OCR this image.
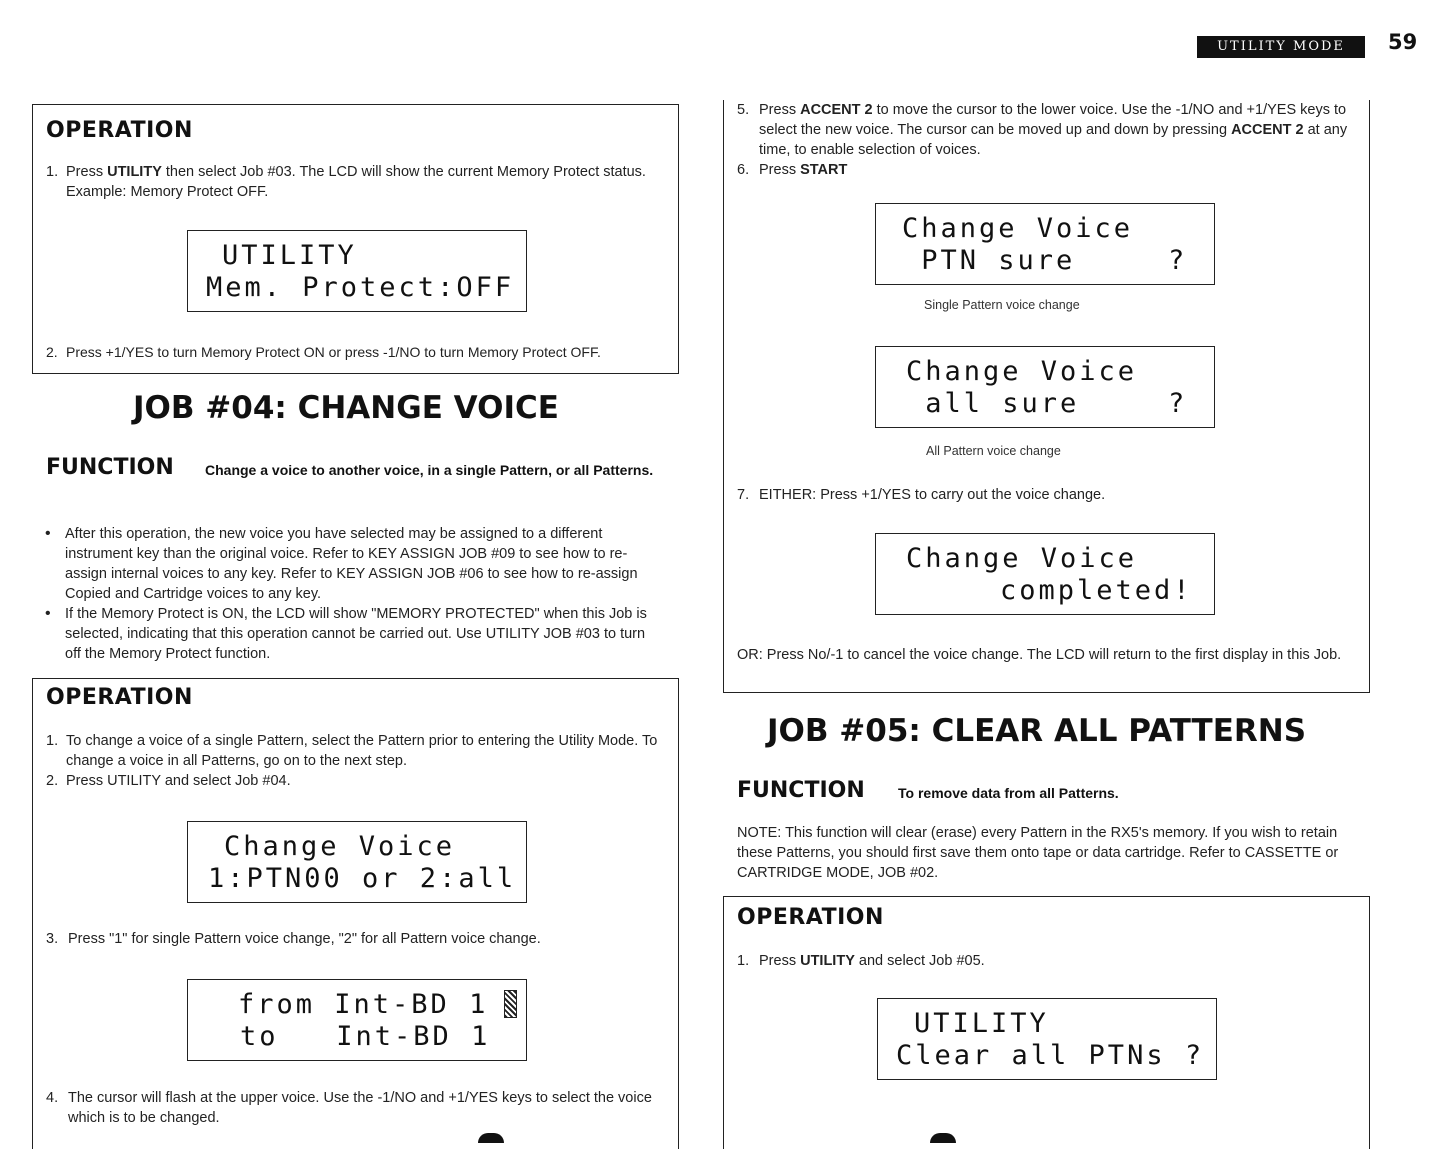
UTILITY MODE	59
OPERATION
1. Press UTILITY then select Job #03. The LCD will show the current Memory Protect status. Example: Memory Protect OFF.

UTILITY

Mem. Protect:OFF

2. Press +1/YES to turn Memory Protect ON or press -1/NO to turn Memory Protect OFF.
JOB #04: CHANGE VOICE
FUNCTION Change a voice to another voice, in a single Pattern, or all Patterns.
• After this operation, the new voice you have selected may be assigned to a different instrument key than the original voice. Refer to KEY ASSIGN JOB #09 to see how to re-assign internal voices to any key. Refer to KEY ASSIGN JOB #06 to see how to re-assign Copied and Cartridge voices to any key.
• If the Memory Protect is ON, the LCD will show "MEMORY PROTECTED" when this Job is selected, indicating that this operation cannot be carried out. Use UTILITY JOB #03 to turn off the Memory Protect function.
OPERATION
1. To change a voice of a single Pattern, select the Pattern prior to entering the Utility Mode. To change a voice in all Patterns, go on to the next step.
2. Press UTILITY and select Job #04.

Change Voice

1:PTN00 or 2:all

3. Press "1" for single Pattern voice change, "2" for all Pattern voice change.

from Int-BD 1

to   Int-BD 1

4. The cursor will flash at the upper voice. Use the -1/NO and +1/YES keys to select the voice which is to be changed.
5. Press ACCENT 2 to move the cursor to the lower voice. Use the -1/NO and +1/YES keys to select the new voice. The cursor can be moved up and down by pressing ACCENT 2 at any time, to enable selection of voices.
6. Press START

Change Voice

PTN sure

	?

Single Pattern voice change

Change Voice

all sure

	?

All Pattern voice change
7. EITHER: Press +1/YES to carry out the voice change.

Change Voice

completed!

OR: Press No/-1 to cancel the voice change. The LCD will return to the first display in this Job.
JOB #05: CLEAR ALL PATTERNS
FUNCTION To remove data from all Patterns.
NOTE: This function will clear (erase) every Pattern in the RX5's memory. If you wish to retain these Patterns, you should first save them onto tape or data cartridge. Refer to CASSETTE or CARTRIDGE MODE, JOB #02.
OPERATION
1. Press UTILITY and select Job #05.

UTILITY

Clear all PTNs ?
